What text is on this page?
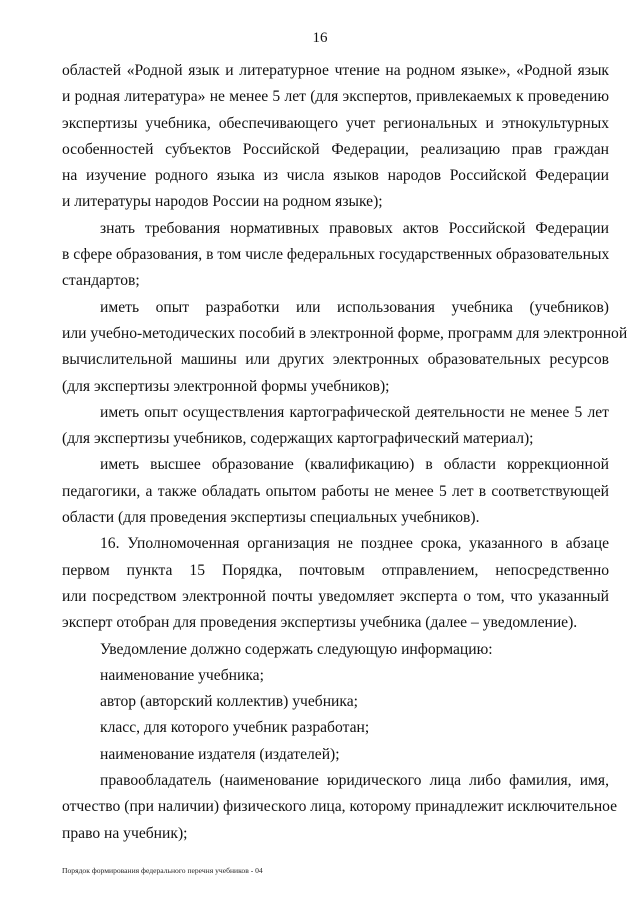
16
областей «Родной язык и литературное чтение на родном языке», «Родной язык
и родная литература» не менее 5 лет (для экспертов, привлекаемых к проведению
экспертизы учебника, обеспечивающего учет региональных и этнокультурных
особенностей субъектов Российской Федерации, реализацию прав граждан
на изучение родного языка из числа языков народов Российской Федерации
и литературы народов России на родном языке);
знать требования нормативных правовых актов Российской Федерации
в сфере образования, в том числе федеральных государственных образовательных
стандартов;
иметь опыт разработки или использования учебника (учебников)
или учебно-методических пособий в электронной форме, программ для электронной
вычислительной машины или других электронных образовательных ресурсов
(для экспертизы электронной формы учебников);
иметь опыт осуществления картографической деятельности не менее 5 лет
(для экспертизы учебников, содержащих картографический материал);
иметь высшее образование (квалификацию) в области коррекционной
педагогики, а также обладать опытом работы не менее 5 лет в соответствующей
области (для проведения экспертизы специальных учебников).
16. Уполномоченная организация не позднее срока, указанного в абзаце
первом пункта 15 Порядка, почтовым отправлением, непосредственно
или посредством электронной почты уведомляет эксперта о том, что указанный
эксперт отобран для проведения экспертизы учебника (далее – уведомление).
Уведомление должно содержать следующую информацию:
наименование учебника;
автор (авторский коллектив) учебника;
класс, для которого учебник разработан;
наименование издателя (издателей);
правообладатель (наименование юридического лица либо фамилия, имя,
отчество (при наличии) физического лица, которому принадлежит исключительное
право на учебник);
Порядок формирования федерального перечня учебников - 04
